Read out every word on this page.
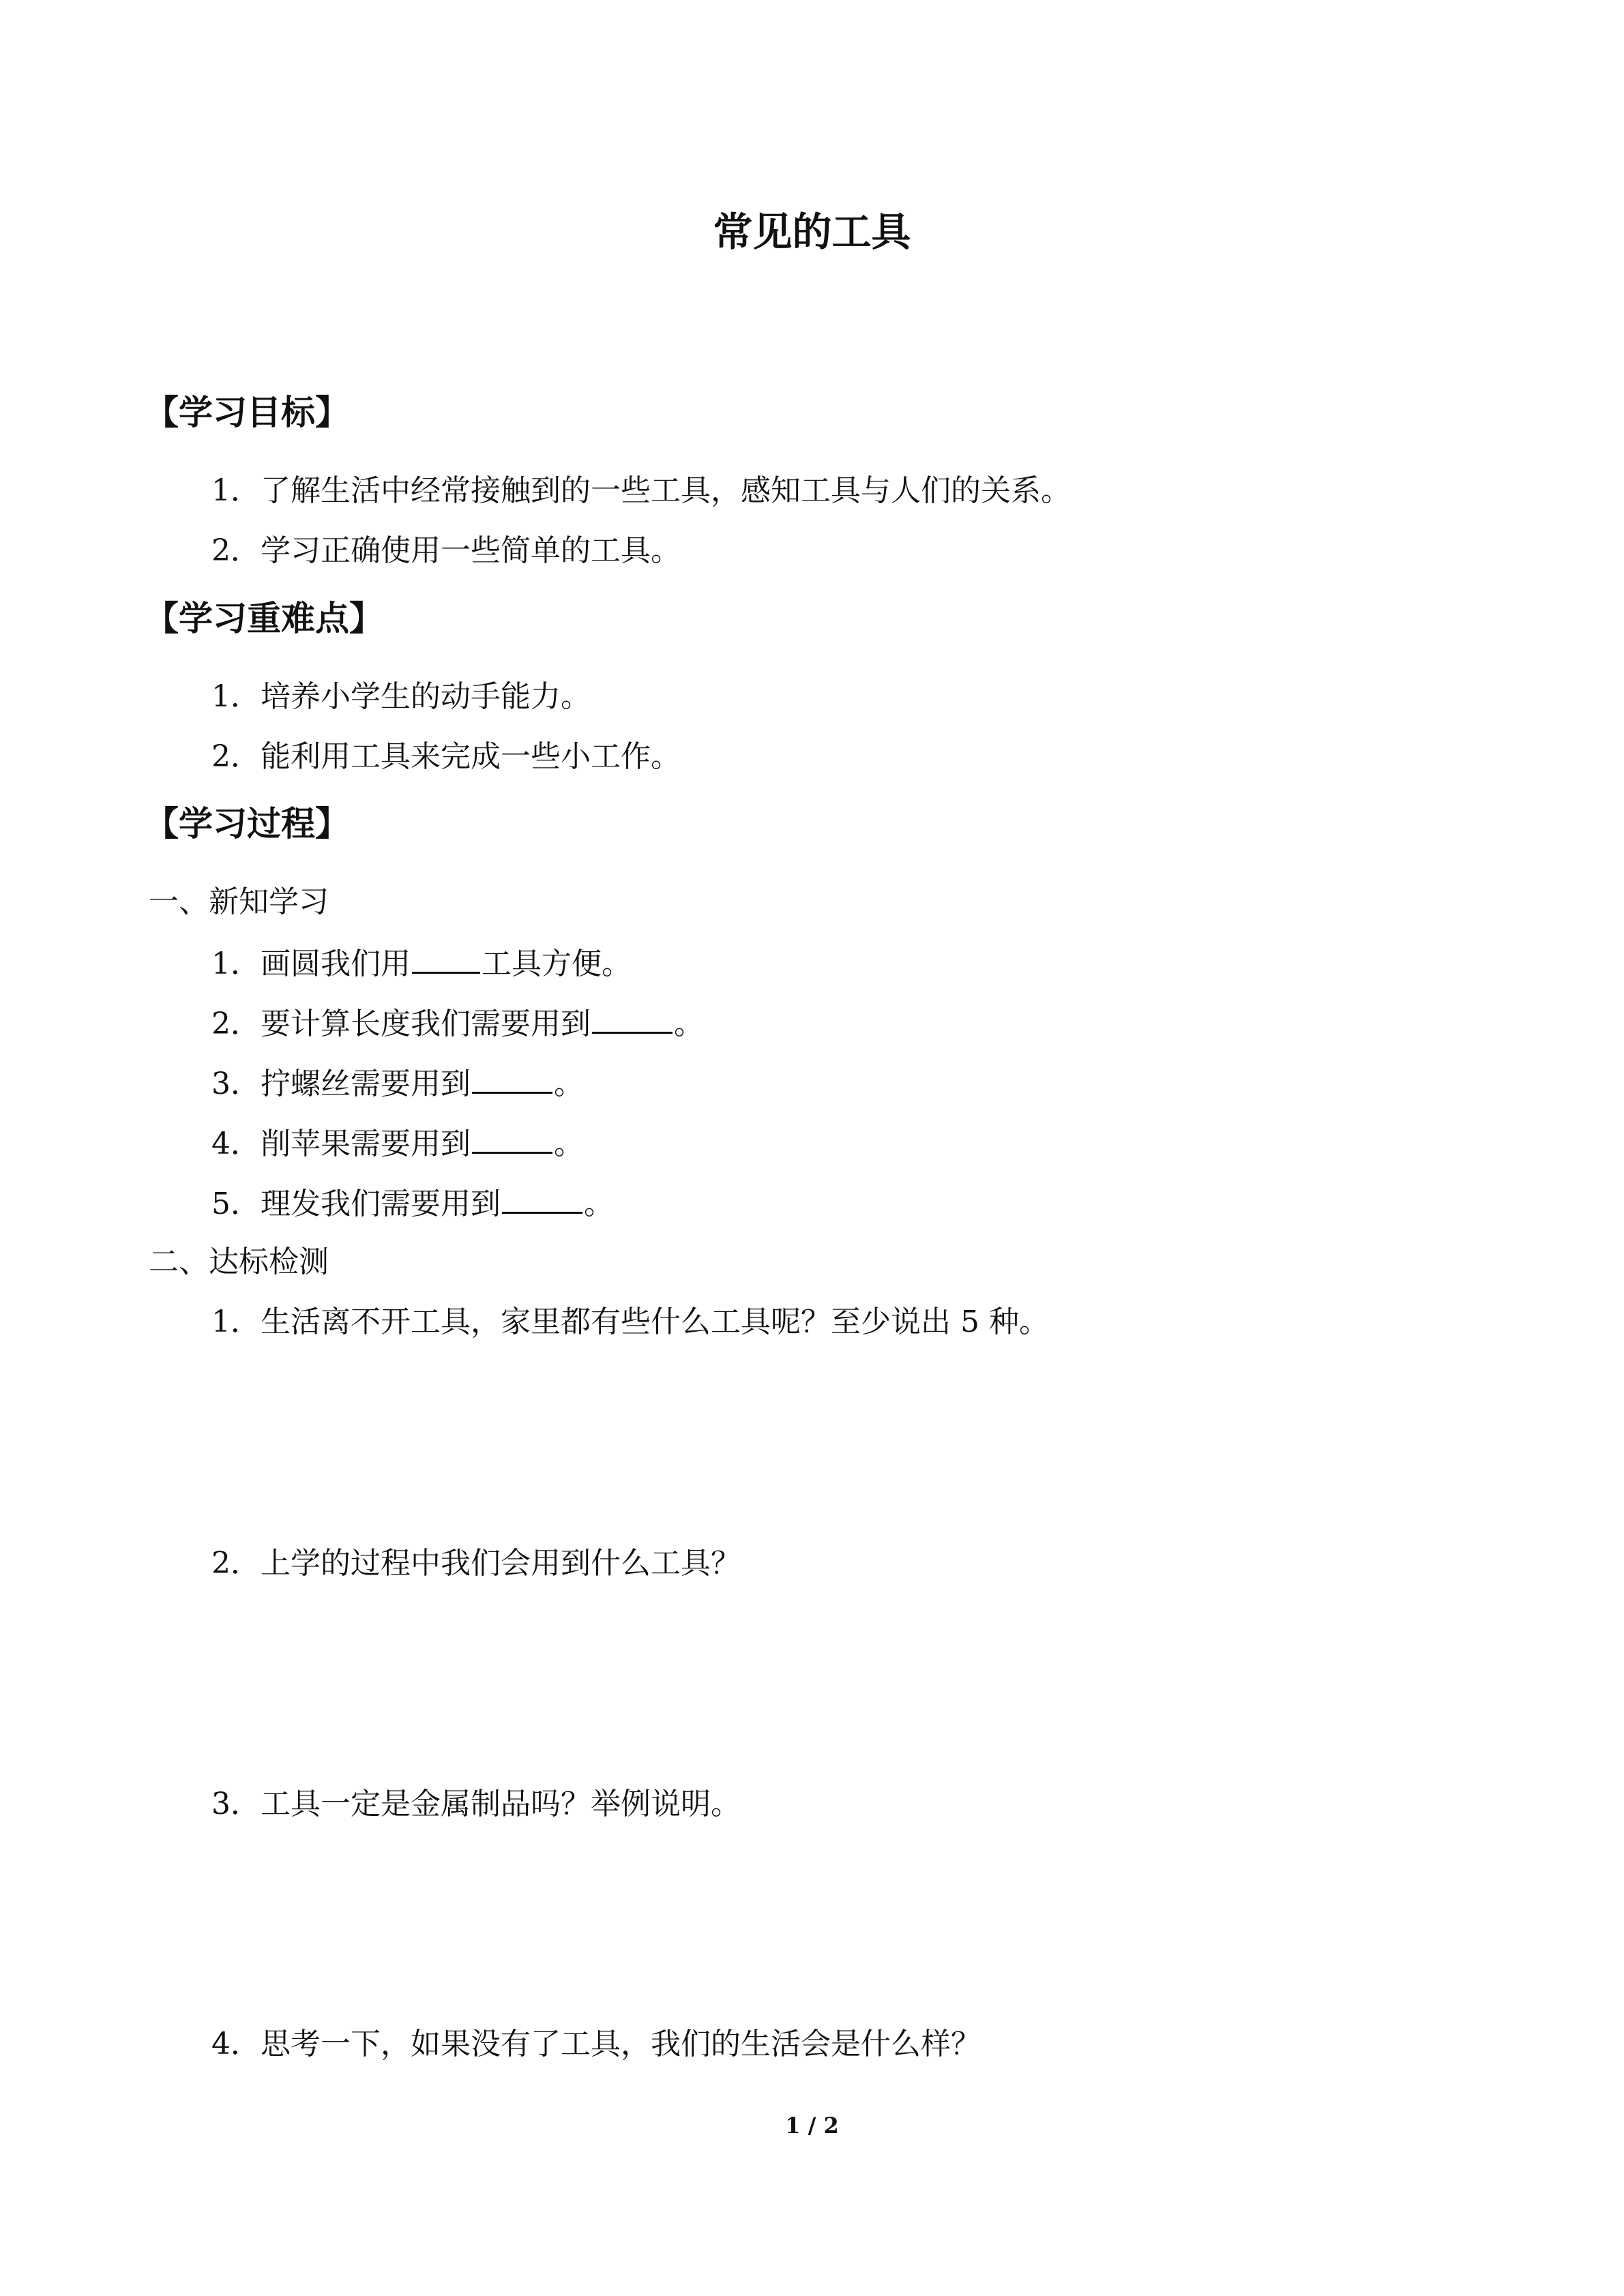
常见的工具
【学习目标】
1．了解生活中经常接触到的一些工具，感知工具与人们的关系。
2．学习正确使用一些简单的工具。
【学习重难点】
1．培养小学生的动手能力。
2．能利用工具来完成一些小工作。
【学习过程】
一、新知学习
1．画圆我们用 工具方便。
2．要计算长度我们需要用到	。
3．拧螺丝需要用到	。
4．削苹果需要用到	。
5．理发我们需要用到	。
二、达标检测
1．生活离不开工具，家里都有些什么工具呢？至少说出 5 种。
2．上学的过程中我们会用到什么工具？
3．工具一定是金属制品吗？举例说明。
4．思考一下，如果没有了工具，我们的生活会是什么样？
1 / 2
